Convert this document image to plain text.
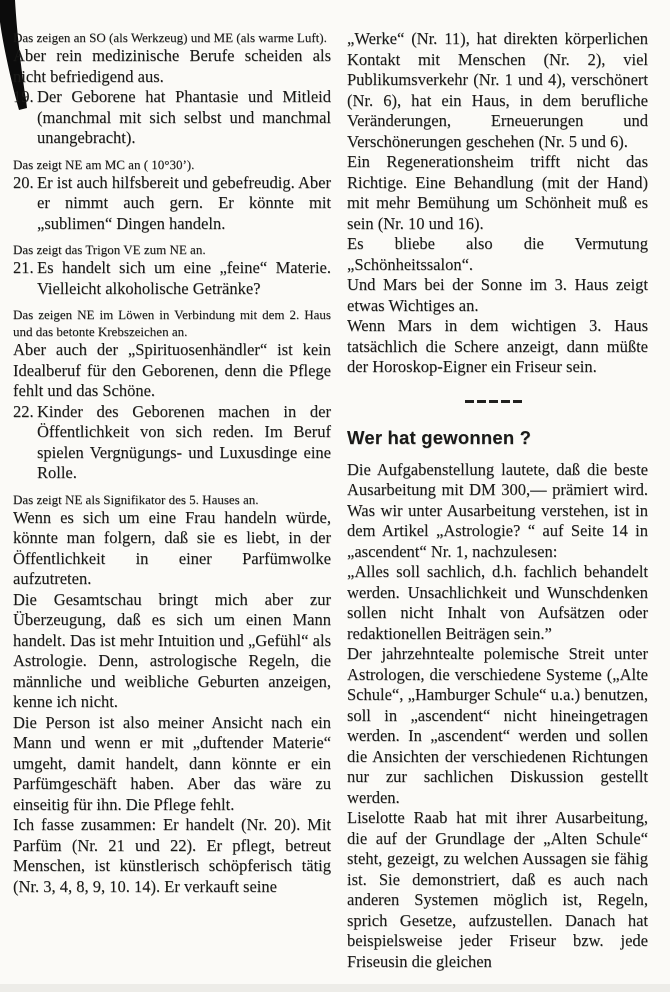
Das zeigen an SO (als Werkzeug) und ME (als warme Luft).

Aber rein medizinische Berufe scheiden als nicht befriedigend aus.

19. Der Geborene hat Phantasie und Mitleid (manchmal mit sich selbst und manchmal unangebracht).

Das zeigt NE am MC an ( 10°30’).

20. Er ist auch hilfsbereit und gebefreudig. Aber er nimmt auch gern. Er könnte mit „sublimen“ Dingen handeln.

Das zeigt das Trigon VE zum NE an.

21. Es handelt sich um eine „feine“ Materie. Vielleicht alkoholische Getränke?

Das zeigen NE im Löwen in Verbindung mit dem 2. Haus und das betonte Krebszeichen an.

Aber auch der „Spirituosenhändler“ ist kein Idealberuf für den Geborenen, denn die Pflege fehlt und das Schöne.

22. Kinder des Geborenen machen in der Öffentlichkeit von sich reden. Im Beruf spielen Vergnügungs- und Luxusdinge eine Rolle.

Das zeigt NE als Signifikator des 5. Hauses an.

Wenn es sich um eine Frau handeln würde, könnte man folgern, daß sie es liebt, in der Öffentlichkeit in einer Parfümwolke aufzutreten.

Die Gesamtschau bringt mich aber zur Überzeugung, daß es sich um einen Mann handelt. Das ist mehr Intuition und „Gefühl“ als Astrologie. Denn, astrologische Regeln, die männliche und weibliche Geburten anzeigen, kenne ich nicht.

Die Person ist also meiner Ansicht nach ein Mann und wenn er mit „duftender Materie“ umgeht, damit handelt, dann könnte er ein Parfümgeschäft haben. Aber das wäre zu einseitig für ihn. Die Pflege fehlt.

Ich fasse zusammen: Er handelt (Nr. 20). Mit Parfüm (Nr. 21 und 22). Er pflegt, betreut Menschen, ist künstlerisch schöpferisch tätig (Nr. 3, 4, 8, 9, 10. 14). Er verkauft seine

„Werke“ (Nr. 11), hat direkten körperlichen Kontakt mit Menschen (Nr. 2), viel Publikumsverkehr (Nr. 1 und 4), verschönert (Nr. 6), hat ein Haus, in dem berufliche Veränderungen, Erneuerungen und Verschönerungen geschehen (Nr. 5 und 6).

Ein Regenerationsheim trifft nicht das Richtige. Eine Behandlung (mit der Hand) mit mehr Bemühung um Schönheit muß es sein (Nr. 10 und 16).

Es bliebe also die Vermutung „Schönheitssalon“.

Und Mars bei der Sonne im 3. Haus zeigt etwas Wichtiges an.

Wenn Mars in dem wichtigen 3. Haus tatsächlich die Schere anzeigt, dann müßte der Horoskop-Eigner ein Friseur sein.

Wer hat gewonnen ?

Die Aufgabenstellung lautete, daß die beste Ausarbeitung mit DM 300,— prämiert wird. Was wir unter Ausarbeitung verstehen, ist in dem Artikel „Astrologie? “ auf Seite 14 in „ascendent“ Nr. 1, nachzulesen:

„Alles soll sachlich, d.h. fachlich behandelt werden. Unsachlichkeit und Wunschdenken sollen nicht Inhalt von Aufsätzen oder redaktionellen Beiträgen sein.”

Der jahrzehntealte polemische Streit unter Astrologen, die verschiedene Systeme („Alte Schule“, „Hamburger Schule“ u.a.) benutzen, soll in „ascendent“ nicht hineingetragen werden. In „ascendent“ werden und sollen die Ansichten der verschiedenen Richtungen nur zur sachlichen Diskussion gestellt werden.

Liselotte Raab hat mit ihrer Ausarbeitung, die auf der Grundlage der „Alten Schule“ steht, gezeigt, zu welchen Aussagen sie fähig ist. Sie demonstriert, daß es auch nach anderen Systemen möglich ist, Regeln, sprich Gesetze, aufzustellen. Danach hat beispielsweise jeder Friseur bzw. jede Friseusin die gleichen
